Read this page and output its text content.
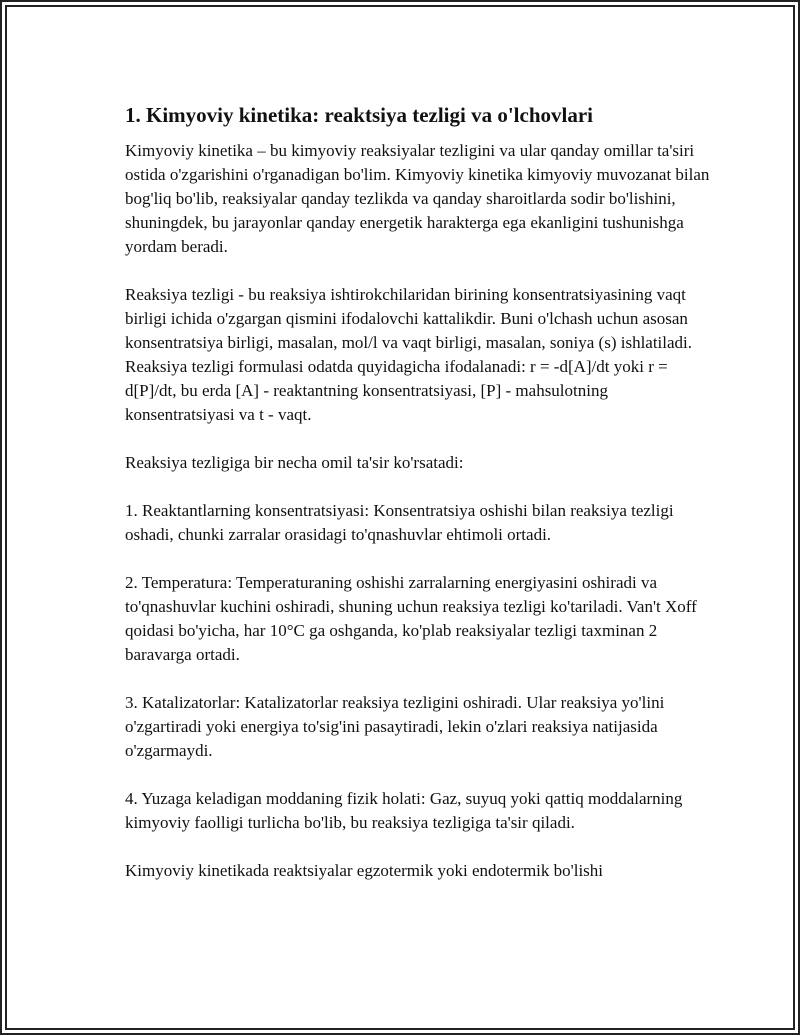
1. Kimyoviy kinetika: reaktsiya tezligi va o'lchovlari

Kimyoviy kinetika – bu kimyoviy reaksiyalar tezligini va ular qanday omillar ta'siri ostida o'zgarishini o'rganadigan bo'lim. Kimyoviy kinetika kimyoviy muvozanat bilan bog'liq bo'lib, reaksiyalar qanday tezlikda va qanday sharoitlarda sodir bo'lishini, shuningdek, bu jarayonlar qanday energetik harakterga ega ekanligini tushunishga yordam beradi.

Reaksiya tezligi - bu reaksiya ishtirokchilaridan birining konsentratsiyasining vaqt birligi ichida o'zgargan qismini ifodalovchi kattalikdir. Buni o'lchash uchun asosan konsentratsiya birligi, masalan, mol/l va vaqt birligi, masalan, soniya (s) ishlatiladi. Reaksiya tezligi formulasi odatda quyidagicha ifodalanadi: r = -d[A]/dt yoki r = d[P]/dt, bu erda [A] - reaktantning konsentratsiyasi, [P] - mahsulotning konsentratsiyasi va t - vaqt.

Reaksiya tezligiga bir necha omil ta'sir ko'rsatadi:

1. Reaktantlarning konsentratsiyasi: Konsentratsiya oshishi bilan reaksiya tezligi oshadi, chunki zarralar orasidagi to'qnashuvlar ehtimoli ortadi.

2. Temperatura: Temperaturaning oshishi zarralarning energiyasini oshiradi va to'qnashuvlar kuchini oshiradi, shuning uchun reaksiya tezligi ko'tariladi. Van't Xoff qoidasi bo'yicha, har 10°C ga oshganda, ko'plab reaksiyalar tezligi taxminan 2 baravarga ortadi.

3. Katalizatorlar: Katalizatorlar reaksiya tezligini oshiradi. Ular reaksiya yo'lini o'zgartiradi yoki energiya to'sig'ini pasaytiradi, lekin o'zlari reaksiya natijasida o'zgarmaydi.

4. Yuzaga keladigan moddaning fizik holati: Gaz, suyuq yoki qattiq moddalarning kimyoviy faolligi turlicha bo'lib, bu reaksiya tezligiga ta'sir qiladi.

Kimyoviy kinetikada reaktsiyalar egzotermik yoki endotermik bo'lishi
